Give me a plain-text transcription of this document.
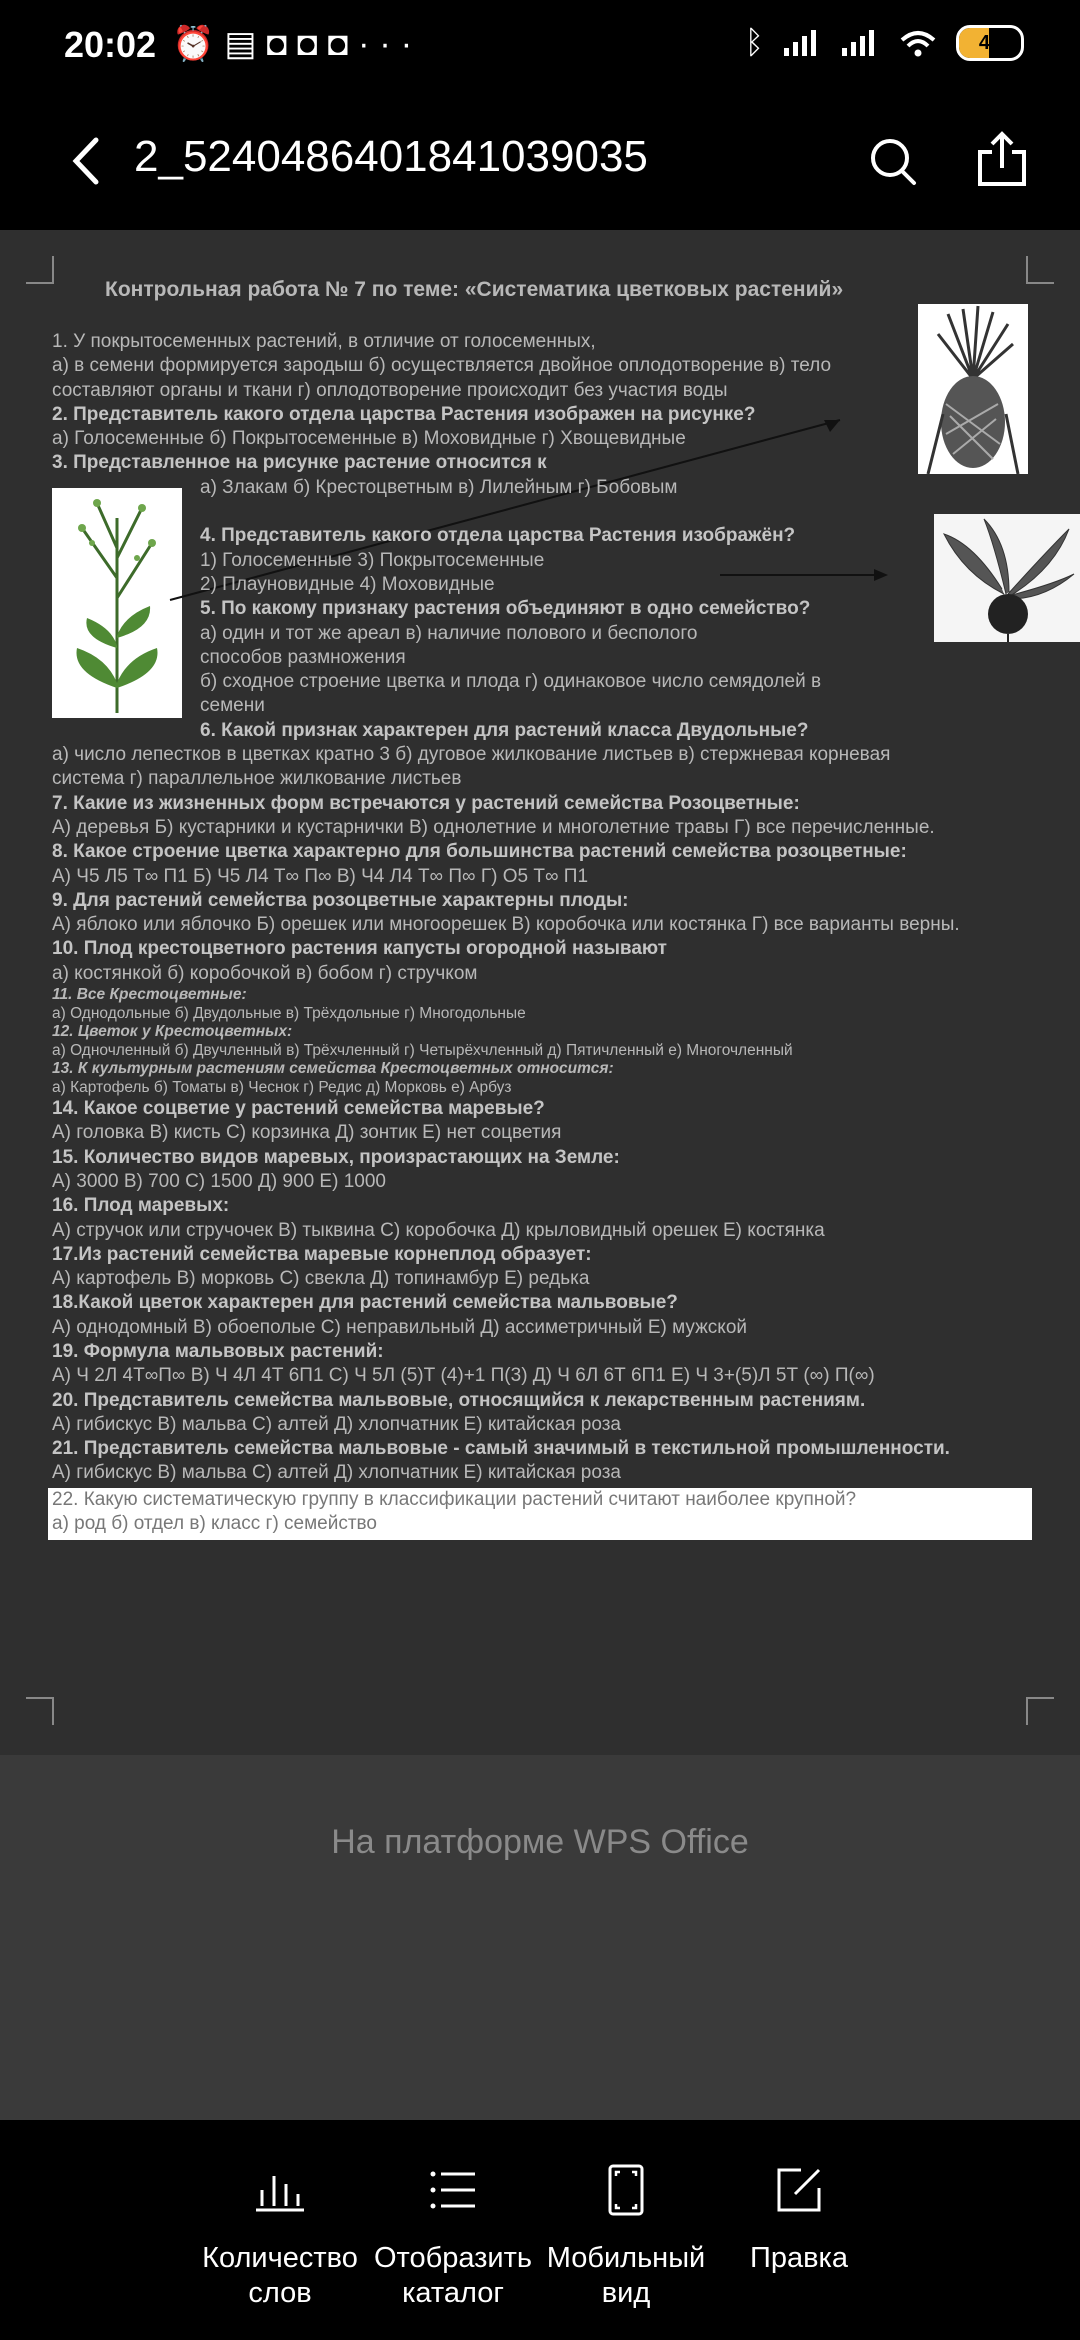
20:02 ⏰▤◘◘◘···	ᛒ	49
2_5240486401841039035
Контрольная работа № 7 по теме: «Систематика цветковых растений»
1. У покрытосеменных растений, в отличие от голосеменных,
а) в семени формируется зародыш б) осуществляется двойное оплодотворение в) тело
составляют органы и ткани г) оплодотворение происходит без участия воды
2. Представитель какого отдела царства Растения изображен на рисунке?
а) Голосеменные б) Покрытосеменные в) Моховидные г) Хвощевидные
3. Представленное на рисунке растение относится к
а) Злакам б) Крестоцветным в) Лилейным г) Бобовым

4. Представитель какого отдела царства Растения изображён?
1) Голосеменные 3) Покрытосеменные
2) Плауновидные 4) Моховидные
5. По какому признаку растения объединяют в одно семейство?
а) один и тот же ареал в) наличие полового и бесполого
способов размножения
б) сходное строение цветка и плода г) одинаковое число семядолей в
семени
6. Какой признак характерен для растений класса Двудольные?
а) число лепестков в цветках кратно 3 б) дуговое жилкование листьев в) стержневая корневая
система г) параллельное жилкование листьев
7. Какие из жизненных форм встречаются у растений семейства Розоцветные:
А) деревья Б) кустарники и кустарнички В) однолетние и многолетние травы Г) все перечисленные.
8. Какое строение цветка характерно для большинства растений семейства розоцветные:
А) Ч5 Л5 Т∞ П1 Б) Ч5 Л4 Т∞ П∞ В) Ч4 Л4 Т∞ П∞ Г) О5 Т∞ П1
9. Для растений семейства розоцветные характерны плоды:
А) яблоко или яблочко Б) орешек или многоорешек В) коробочка или костянка Г) все варианты верны.
10. Плод крестоцветного растения капусты огородной называют
а) костянкой б) коробочкой в) бобом г) стручком
11. Все Крестоцветные:
а) Однодольные б) Двудольные в) Трёхдольные г) Многодольные
12. Цветок у Крестоцветных:
а) Одночленный б) Двучленный в) Трёхчленный г) Четырёхчленный д) Пятичленный е) Многочленный
13. К культурным растениям семейства Крестоцветных относится:
а) Картофель б) Томаты в) Чеснок г) Редис д) Морковь е) Арбуз
14. Какое соцветие у растений семейства маревые?
А) головка В) кисть С) корзинка Д) зонтик Е) нет соцветия
15. Количество видов маревых, произрастающих на Земле:
А) 3000 В) 700 С) 1500 Д) 900 Е) 1000
16. Плод маревых:
А) стручок или стручочек В) тыквина С) коробочка Д) крыловидный орешек Е) костянка
17.Из растений семейства маревые корнеплод образует:
А) картофель В) морковь С) свекла Д) топинамбур Е) редька
18.Какой цветок характерен для растений семейства мальвовые?
А) однодомный В) обоеполые С) неправильный Д) ассиметричный Е) мужской
19. Формула мальвовых растений:
А) Ч 2Л 4Т∞П∞ В) Ч 4Л 4Т 6П1 С) Ч 5Л (5)Т (4)+1 П(3) Д) Ч 6Л 6Т 6П1 Е) Ч 3+(5)Л 5Т (∞) П(∞)
20. Представитель семейства мальвовые, относящийся к лекарственным растениям.
А) гибискус В) мальва С) алтей Д) хлопчатник Е) китайская роза
21. Представитель семейства мальвовые - самый значимый в текстильной промышленности.
А) гибискус В) мальва С) алтей Д) хлопчатник Е) китайская роза
22. Какую систематическую группу в классификации растений считают наиболее крупной?
а) род б) отдел в) класс г) семейство
На платформе WPS Office
Количество слов
Отобразить каталог
Мобильный вид
Правка
